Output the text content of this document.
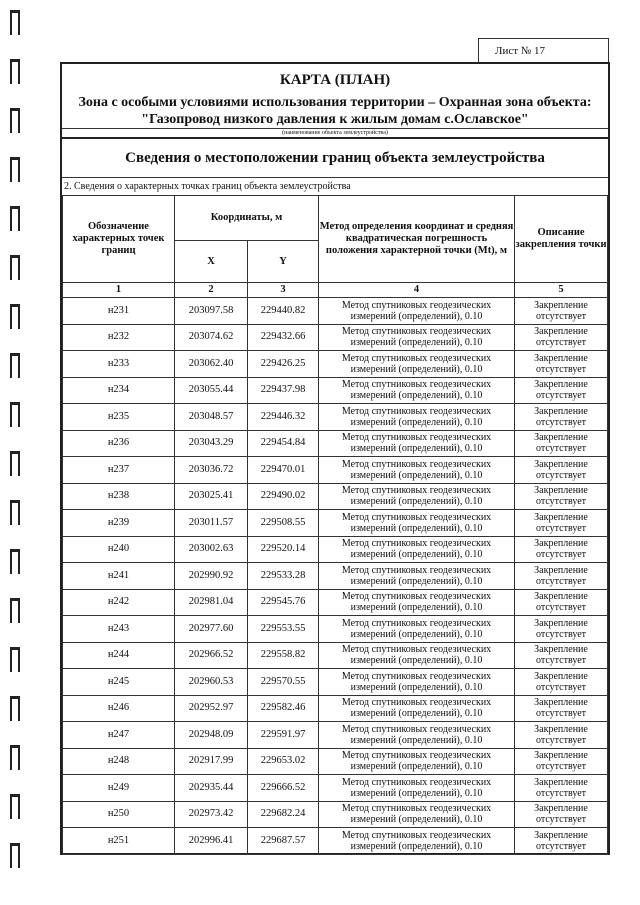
Лист № 17
КАРТА (ПЛАН)
Зона с особыми условиями использования территории – Охранная зона объекта:
"Газопровод низкого давления к жилым домам с.Ославское"
(наименование объекта землеустройства)
Сведения о местоположении границ объекта землеустройства
2. Сведения о характерных точках границ объекта землеустройства
Обозначение характерных точек границ	Координаты, м		Метод определения координат и средняя квадратическая погрешность положения характерной точки (Mt), м	Описание закрепления точки
	X	Y		
1	2	3	4	5
н231	203097.58	229440.82	Метод спутниковых геодезических измерений (определений), 0.10	Закрепление отсутствует
н232	203074.62	229432.66	Метод спутниковых геодезических измерений (определений), 0.10	Закрепление отсутствует
н233	203062.40	229426.25	Метод спутниковых геодезических измерений (определений), 0.10	Закрепление отсутствует
н234	203055.44	229437.98	Метод спутниковых геодезических измерений (определений), 0.10	Закрепление отсутствует
н235	203048.57	229446.32	Метод спутниковых геодезических измерений (определений), 0.10	Закрепление отсутствует
н236	203043.29	229454.84	Метод спутниковых геодезических измерений (определений), 0.10	Закрепление отсутствует
н237	203036.72	229470.01	Метод спутниковых геодезических измерений (определений), 0.10	Закрепление отсутствует
н238	203025.41	229490.02	Метод спутниковых геодезических измерений (определений), 0.10	Закрепление отсутствует
н239	203011.57	229508.55	Метод спутниковых геодезических измерений (определений), 0.10	Закрепление отсутствует
н240	203002.63	229520.14	Метод спутниковых геодезических измерений (определений), 0.10	Закрепление отсутствует
н241	202990.92	229533.28	Метод спутниковых геодезических измерений (определений), 0.10	Закрепление отсутствует
н242	202981.04	229545.76	Метод спутниковых геодезических измерений (определений), 0.10	Закрепление отсутствует
н243	202977.60	229553.55	Метод спутниковых геодезических измерений (определений), 0.10	Закрепление отсутствует
н244	202966.52	229558.82	Метод спутниковых геодезических измерений (определений), 0.10	Закрепление отсутствует
н245	202960.53	229570.55	Метод спутниковых геодезических измерений (определений), 0.10	Закрепление отсутствует
н246	202952.97	229582.46	Метод спутниковых геодезических измерений (определений), 0.10	Закрепление отсутствует
н247	202948.09	229591.97	Метод спутниковых геодезических измерений (определений), 0.10	Закрепление отсутствует
н248	202917.99	229653.02	Метод спутниковых геодезических измерений (определений), 0.10	Закрепление отсутствует
н249	202935.44	229666.52	Метод спутниковых геодезических измерений (определений), 0.10	Закрепление отсутствует
н250	202973.42	229682.24	Метод спутниковых геодезических измерений (определений), 0.10	Закрепление отсутствует
н251	202996.41	229687.57	Метод спутниковых геодезических измерений (определений), 0.10	Закрепление отсутствует
